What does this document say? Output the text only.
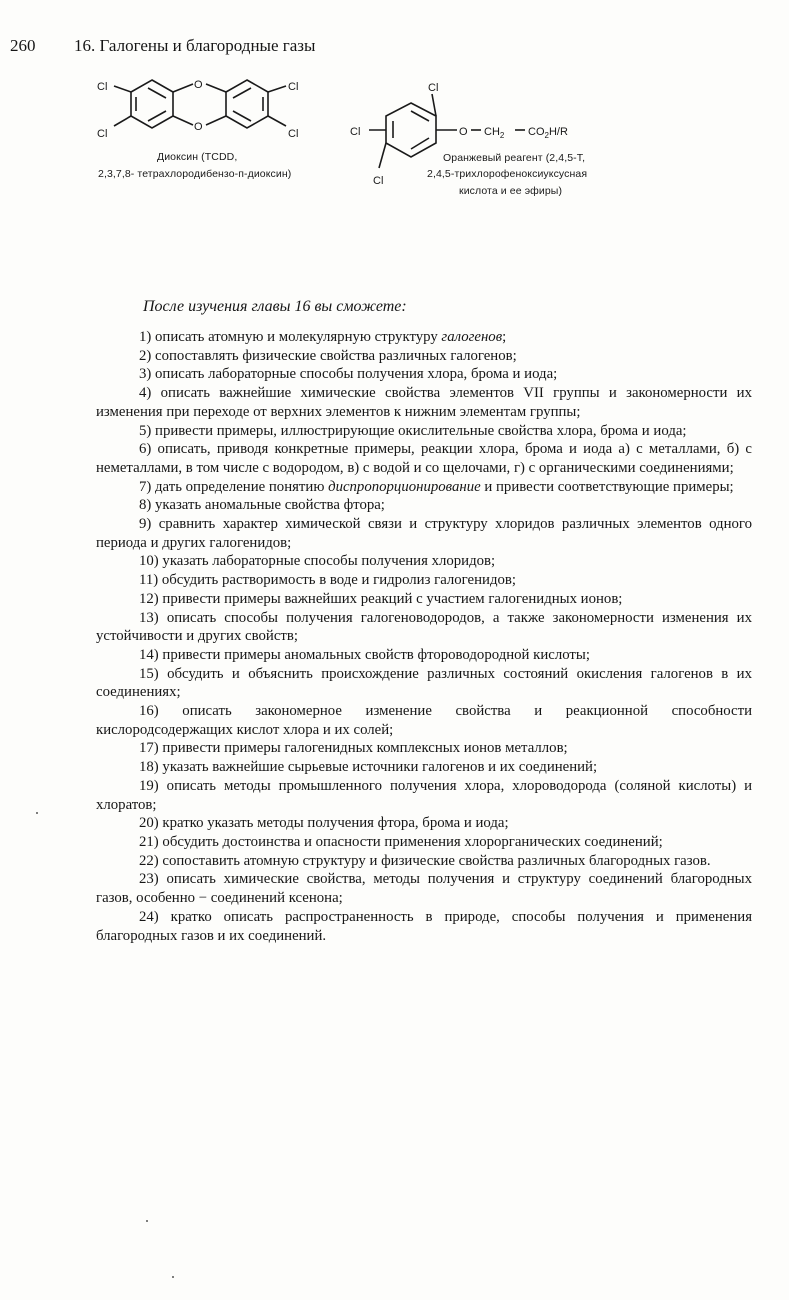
260 16. Галогены и благородные газы
O
O
Cl
Cl
Cl
Cl
Cl
Cl
Cl
O $CH_2$ $CO_2H/R$
Диоксин (TCDD,
2,3,7,8- тетрахлородибензо-п-диоксин)
Оранжевый реагент (2,4,5-T,
2,4,5-трихлорофеноксиуксусная
кислота и ее эфиры)
После изучения главы 16 вы сможете:

1) описать атомную и молекулярную структуру галогенов;

2) сопоставлять физические свойства различных галогенов;

3) описать лабораторные способы получения хлора, брома и иода;

4) описать важнейшие химические свойства элементов VII группы и закономерности их изменения при переходе от верхних элементов к нижним элементам группы;

5) привести примеры, иллюстрирующие окислительные свойства хлора, брома и иода;

6) описать, приводя конкретные примеры, реакции хлора, брома и иода а) с металлами, б) с неметаллами, в том числе с водородом, в) с водой и со щелочами, г) с органическими соединениями;

7) дать определение понятию диспропорционирование и привести соответствующие примеры;

8) указать аномальные свойства фтора;

9) сравнить характер химической связи и структуру хлоридов различных элементов одного периода и других галогенидов;

10) указать лабораторные способы получения хлоридов;

11) обсудить растворимость в воде и гидролиз галогенидов;

12) привести примеры важнейших реакций с участием галогенидных ионов;

13) описать способы получения галогеноводородов, а также закономерности изменения их устойчивости и других свойств;

14) привести примеры аномальных свойств фтороводородной кислоты;

15) обсудить и объяснить происхождение различных состояний окисления галогенов в их соединениях;

16) описать закономерное изменение свойства и реакционной способности кислородсодержащих кислот хлора и их солей;

17) привести примеры галогенидных комплексных ионов металлов;

18) указать важнейшие сырьевые источники галогенов и их соединений;

19) описать методы промышленного получения хлора, хлороводорода (соляной кислоты) и хлоратов;

20) кратко указать методы получения фтора, брома и иода;

21) обсудить достоинства и опасности применения хлорорганических соединений;

22) сопоставить атомную структуру и физические свойства различных благородных газов.

23) описать химические свойства, методы получения и структуру соединений благородных газов, особенно − соединений ксенона;

24) кратко описать распространенность в природе, способы получения и применения благородных газов и их соединений.
